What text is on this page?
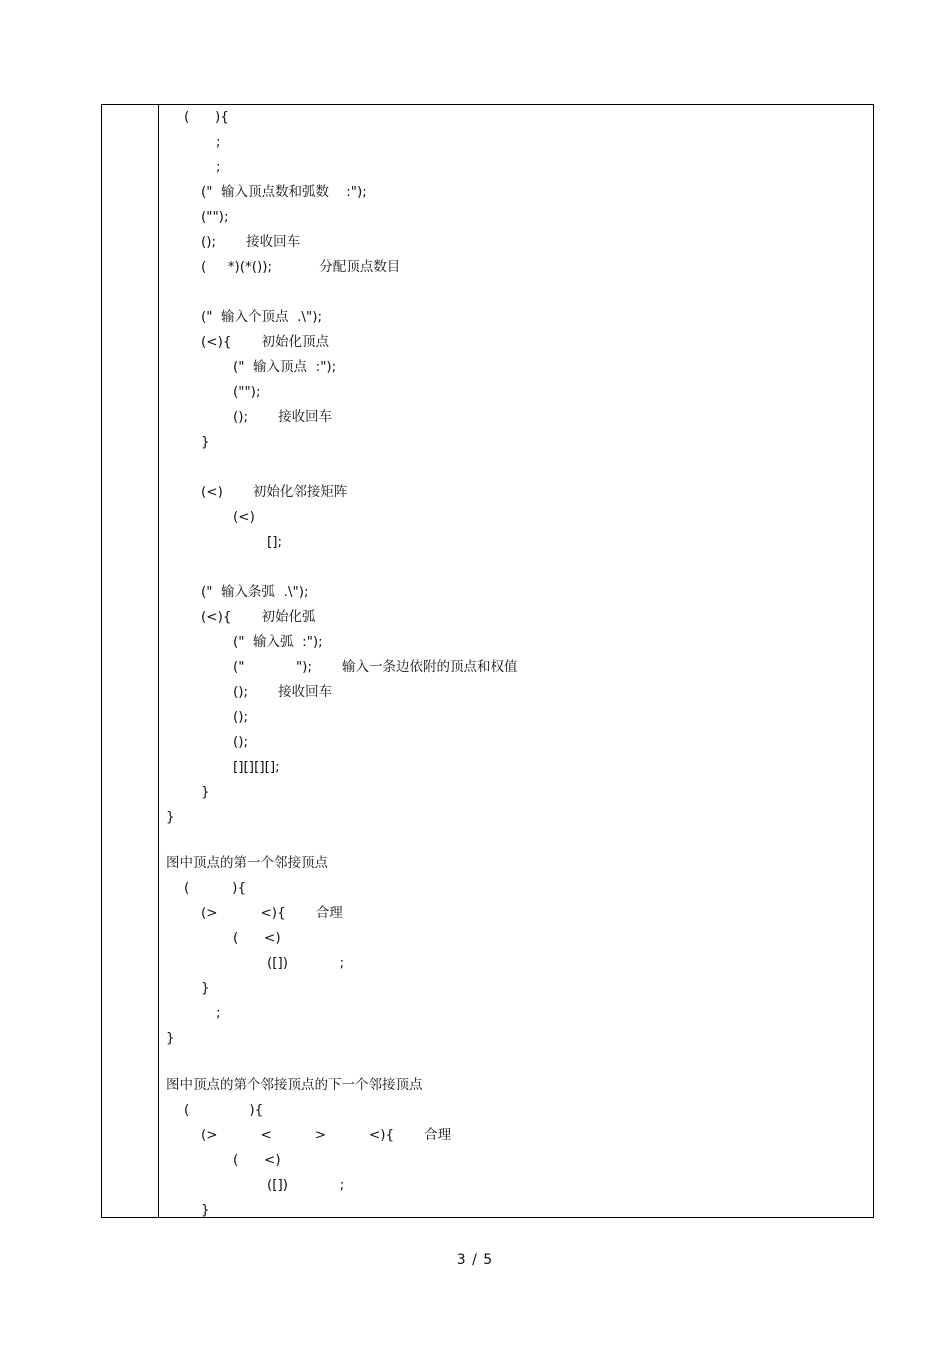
(      ){
;
;
("  输入顶点数和弧数    :");
("");
();       接收回车
(     *)(*());           分配顶点数目
("  输入个顶点  .\");
(<){       初始化顶点
("  输入顶点  :");
("");
();       接收回车
}
(<)       初始化邻接矩阵
(<)
[];
("  输入条弧  .\");
(<){       初始化弧
("  输入弧  :");
("            ");       输入一条边依附的顶点和权值
();       接收回车
();
();
[][][][];
}
}
图中顶点的第一个邻接顶点
(          ){
(>          <){       合理
(      <)
([])            ;
}
;
}
图中顶点的第个邻接顶点的下一个邻接顶点
(              ){
(>          <          >          <){       合理
(      <)
([])            ;
}
3 / 5
